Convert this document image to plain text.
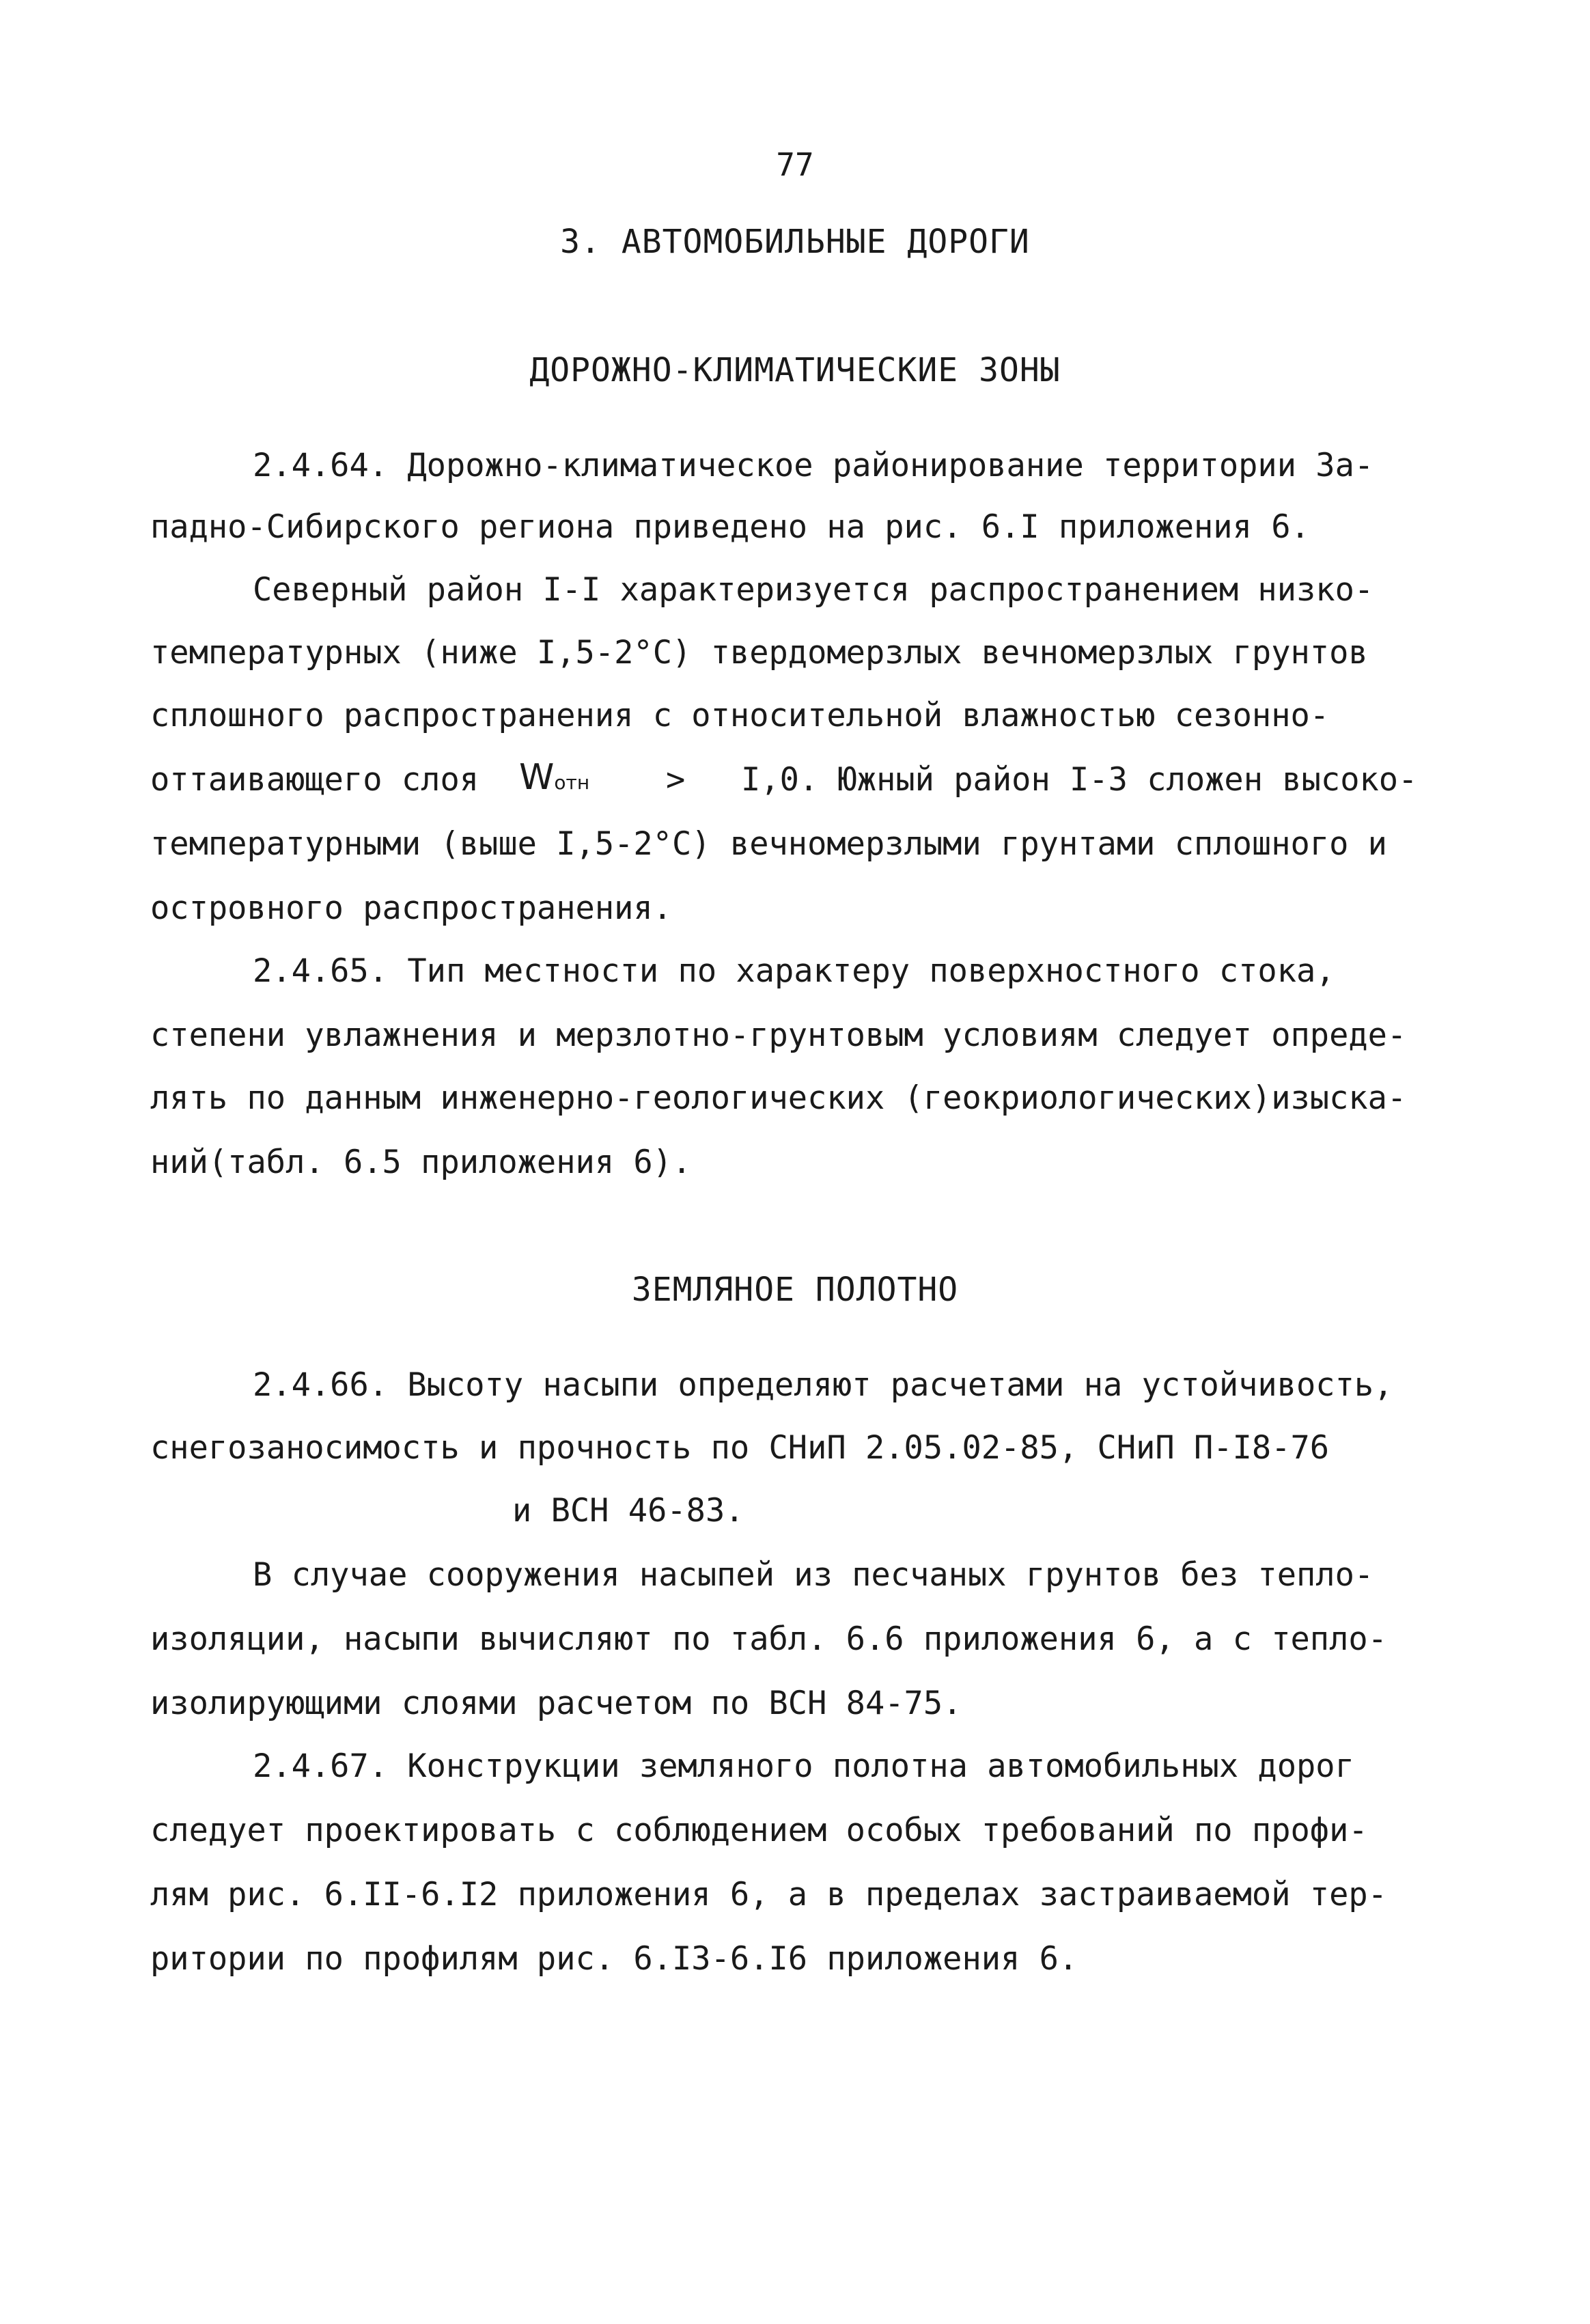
77
3. АВТОМОБИЛЬНЫЕ ДОРОГИ
ДОРОЖНО-КЛИМАТИЧЕСКИЕ ЗОНЫ
2.4.64. Дорожно-климатическое районирование территории За-
падно-Сибирского региона приведено на рис. 6.I приложения 6.
Северный район I-I характеризуется распространением низко-
температурных (ниже I,5-2°C) твердомерзлых вечномерзлых грунтов
сплошного распространения с относительной влажностью сезонно-
оттаивающего слоя Wотн > I,0. Южный район I-3 сложен высоко-
температурными (выше I,5-2°C) вечномерзлыми грунтами сплошного и
островного распространения.
2.4.65. Тип местности по характеру поверхностного стока,
степени увлажнения и мерзлотно-грунтовым условиям следует опреде-
лять по данным инженерно-геологических (геокриологических)изыска-
ний(табл. 6.5 приложения 6).
ЗЕМЛЯНОЕ ПОЛОТНО
2.4.66. Высоту насыпи определяют расчетами на устойчивость,
снегозаносимость и прочность по СНиП 2.05.02-85, СНиП П-I8-76
и ВСН 46-83.
В случае сооружения насыпей из песчаных грунтов без тепло-
изоляции, насыпи вычисляют по табл. 6.6 приложения 6, а с тепло-
изолирующими слоями расчетом по ВСН 84-75.
2.4.67. Конструкции земляного полотна автомобильных дорог
следует проектировать с соблюдением особых требований по профи-
лям рис. 6.II-6.I2 приложения 6, а в пределах застраиваемой тер-
ритории по профилям рис. 6.I3-6.I6 приложения 6.
